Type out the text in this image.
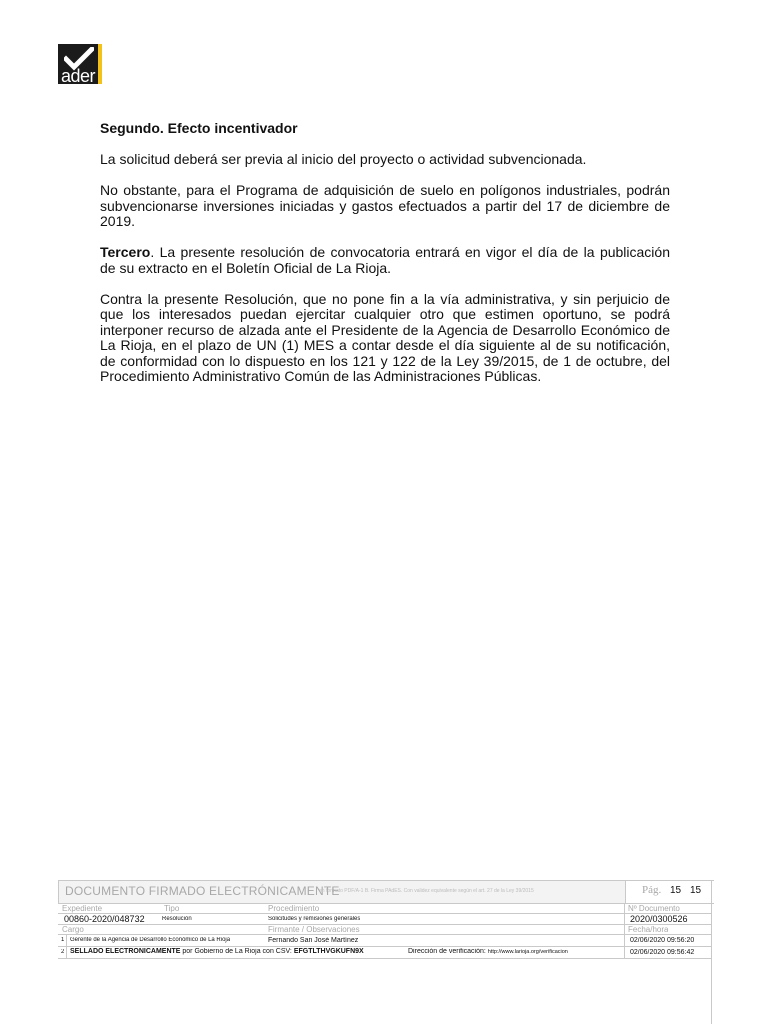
ader

Segundo. Efecto incentivador

La solicitud deberá ser previa al inicio del proyecto o actividad subvencionada.

No obstante, para el Programa de adquisición de suelo en polígonos industriales, podrán subvencionarse inversiones iniciadas y gastos efectuados a partir del 17 de diciembre de 2019.

Tercero. La presente resolución de convocatoria entrará en vigor el día de la publicación de su extracto en el Boletín Oficial de La Rioja.

Contra la presente Resolución, que no pone fin a la vía administrativa, y sin perjuicio de que los interesados puedan ejercitar cualquier otro que estimen oportuno, se podrá interponer recurso de alzada ante el Presidente de la Agencia de Desarrollo Económico de La Rioja, en el plazo de UN (1) MES a contar desde el día siguiente al de su notificación, de conformidad con lo dispuesto en los 121 y 122 de la Ley 39/2015, de 1 de octubre, del Procedimiento Administrativo Común de las Administraciones Públicas.

DOCUMENTO FIRMADO ELECTRÓNICAMENTE
en formato PDF/A-1 B. Firma PAdES. Con validez equivalente según el art. 27 de la Ley 39/2015	Pág. 15 15
Expediente	Tipo	Procedimiento	Nº Documento
00860-2020/048732	Resolución	Solicitudes y remisiones generales	2020/0300526
Cargo	Firmante / Observaciones	Fecha/hora
1 Gerente de la Agencia de Desarrollo Económico de La Rioja	Fernando San José Martínez	02/06/2020 09:56:20
2 SELLADO ELECTRÓNICAMENTE por Gobierno de La Rioja con CSV: EFGTLTHVGKUFN9X	Dirección de verificación: http://www.larioja.org/verificacion	02/06/2020 09:56:42
